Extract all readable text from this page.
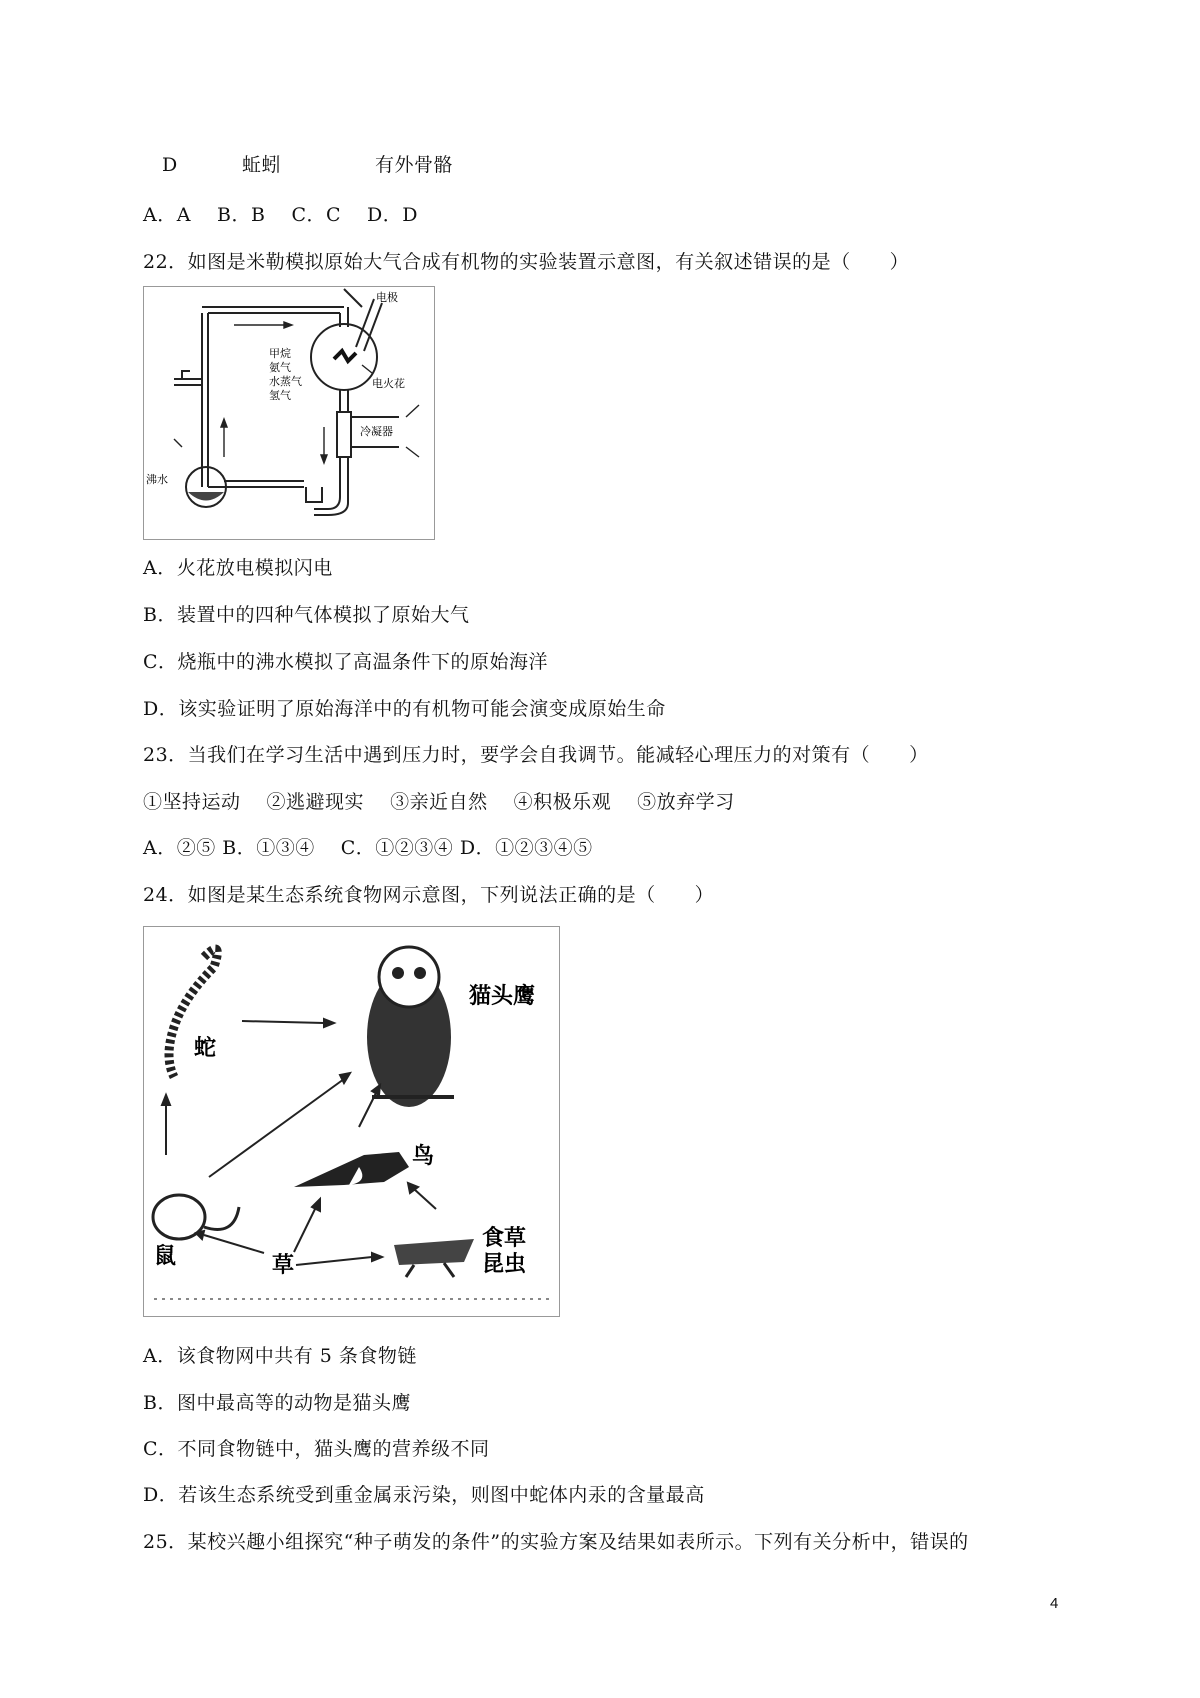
D	蚯蚓	有外骨骼
A．A　 B．B　 C．C　 D．D
22．如图是米勒模拟原始大气合成有机物的实验装置示意图，有关叙述错误的是（　　）
电极
甲烷
氨气
水蒸气
氢气
电火花
冷凝器
沸水
A．火花放电模拟闪电
B．装置中的四种气体模拟了原始大气
C．烧瓶中的沸水模拟了高温条件下的原始海洋
D．该实验证明了原始海洋中的有机物可能会演变成原始生命
23．当我们在学习生活中遇到压力时，要学会自我调节。能减轻心理压力的对策有（　　）
①坚持运动　 ②逃避现实　 ③亲近自然　 ④积极乐观　 ⑤放弃学习
A．②⑤ B．①③④　 C．①②③④ D．①②③④⑤
24．如图是某生态系统食物网示意图，下列说法正确的是（　　）
猫头鹰
蛇
鸟
鼠	草
食草
昆虫
A．该食物网中共有 5 条食物链
B．图中最高等的动物是猫头鹰
C．不同食物链中，猫头鹰的营养级不同
D．若该生态系统受到重金属汞污染，则图中蛇体内汞的含量最高
25．某校兴趣小组探究“种子萌发的条件”的实验方案及结果如表所示。下列有关分析中，错误的
4
